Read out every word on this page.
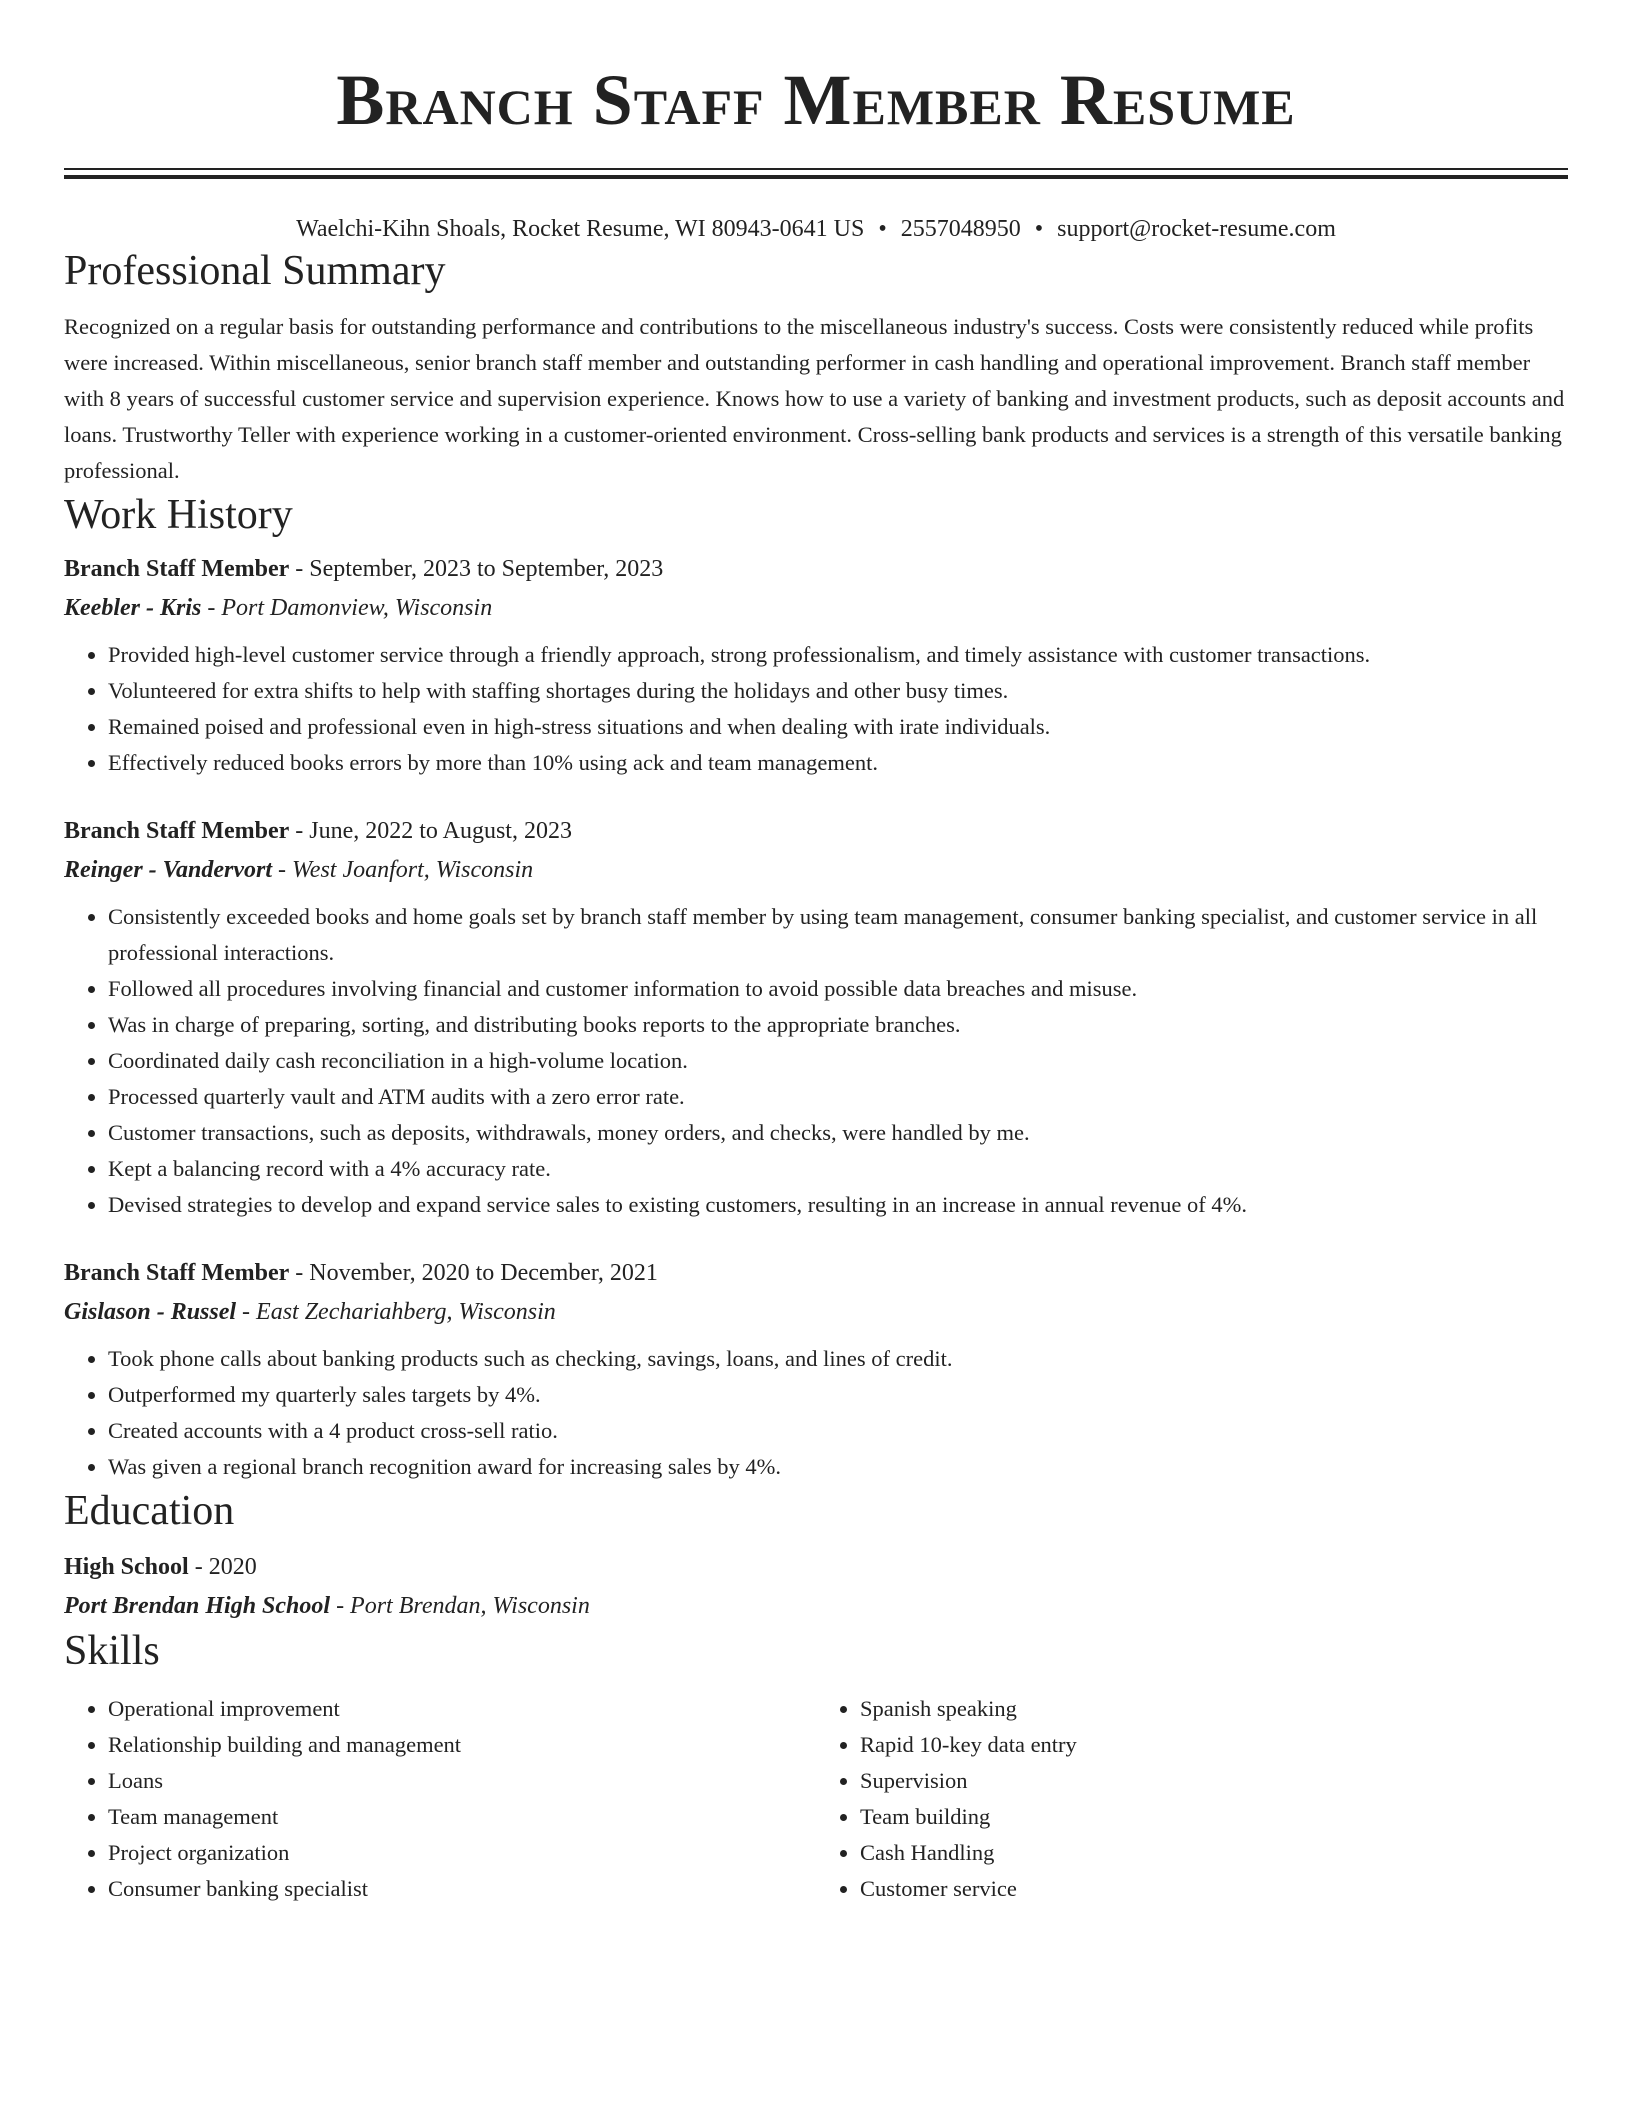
Branch Staff Member Resume
Waelchi-Kihn Shoals, Rocket Resume, WI 80943-0641 US • 2557048950 • support@rocket-resume.com
Professional Summary
Recognized on a regular basis for outstanding performance and contributions to the miscellaneous industry's success. Costs were consistently reduced while profits were increased. Within miscellaneous, senior branch staff member and outstanding performer in cash handling and operational improvement. Branch staff member with 8 years of successful customer service and supervision experience. Knows how to use a variety of banking and investment products, such as deposit accounts and loans. Trustworthy Teller with experience working in a customer-oriented environment. Cross-selling bank products and services is a strength of this versatile banking professional.
Work History
Branch Staff Member - September, 2023 to September, 2023
Keebler - Kris - Port Damonview, Wisconsin
• Provided high-level customer service through a friendly approach, strong professionalism, and timely assistance with customer transactions.
• Volunteered for extra shifts to help with staffing shortages during the holidays and other busy times.
• Remained poised and professional even in high-stress situations and when dealing with irate individuals.
• Effectively reduced books errors by more than 10% using ack and team management.
Branch Staff Member - June, 2022 to August, 2023
Reinger - Vandervort - West Joanfort, Wisconsin
• Consistently exceeded books and home goals set by branch staff member by using team management, consumer banking specialist, and customer service in all professional interactions.
• Followed all procedures involving financial and customer information to avoid possible data breaches and misuse.
• Was in charge of preparing, sorting, and distributing books reports to the appropriate branches.
• Coordinated daily cash reconciliation in a high-volume location.
• Processed quarterly vault and ATM audits with a zero error rate.
• Customer transactions, such as deposits, withdrawals, money orders, and checks, were handled by me.
• Kept a balancing record with a 4% accuracy rate.
• Devised strategies to develop and expand service sales to existing customers, resulting in an increase in annual revenue of 4%.
Branch Staff Member - November, 2020 to December, 2021
Gislason - Russel - East Zechariahberg, Wisconsin
• Took phone calls about banking products such as checking, savings, loans, and lines of credit.
• Outperformed my quarterly sales targets by 4%.
• Created accounts with a 4 product cross-sell ratio.
• Was given a regional branch recognition award for increasing sales by 4%.
Education
High School - 2020
Port Brendan High School - Port Brendan, Wisconsin
Skills
• Operational improvement
• Relationship building and management
• Loans
• Team management
• Project organization
• Consumer banking specialist
• Spanish speaking
• Rapid 10-key data entry
• Supervision
• Team building
• Cash Handling
• Customer service
